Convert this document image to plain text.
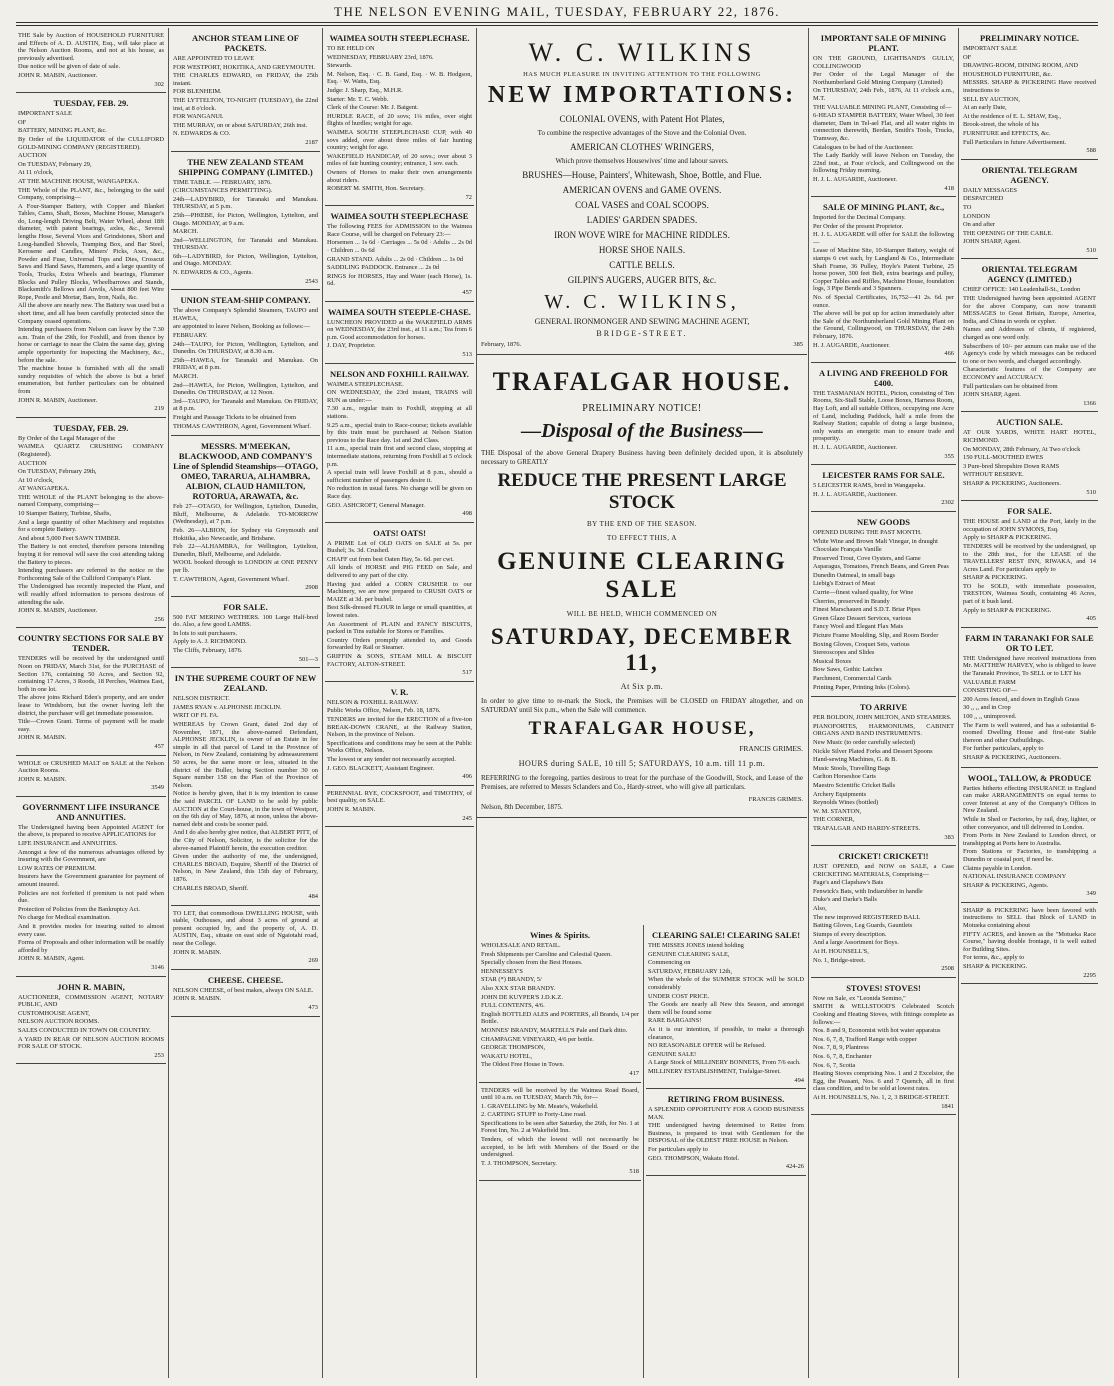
THE NELSON EVENING MAIL, TUESDAY, FEBRUARY 22, 1876.

THE Sale by Auction of HOUSEHOLD FURNITURE and Effects of A. D. AUSTIN, Esq., will take place at the Nelson Auction Rooms, and not at his house, as previously advertised.

Due notice will be given of date of sale.

JOHN R. MABIN, Auctioneer.

302
TUESDAY, FEB. 29.

IMPORTANT SALE

OF

BATTERY, MINING PLANT, &c.

By Order of the LIQUIDATOR of the CULLIFORD GOLD-MINING COMPANY (REGISTERED).

AUCTION

On TUESDAY, February 29,

At 11 o'clock,

AT THE MACHINE HOUSE, WANGAPEKA.

THE Whole of the PLANT, &c., belonging to the said Company, comprising—

A Four-Stamper Battery, with Copper and Blanket Tables, Cams, Shaft, Boxes, Machine House, Manager's do, Long-length Driving Belt, Water Wheel, about 18ft diameter, with patent bearings, axles, &c., Several lengths Hose, Several Vices and Grindstones, Short and Long-handled Shovels, Tramping Box, and Bar Steel, Kerosene and Candles, Miners' Picks, Axes, &c., Powder and Fuse, Universal Tops and Dies, Crosscut Saws and Hand Saws, Hammers, and a large quantity of Tools, Trucks, Extra Wheels and bearings, Flummer Blocks and Pulley Blocks, Wheelbarrows and Stands, Blacksmith's Bellows and Anvils, About 800 feet Wire Rope, Pestle and Mortar, Bars, Iron, Nails, &c.

All the above are nearly new. The Battery was used but a short time, and all has been carefully protected since the Company ceased operations.

Intending purchasers from Nelson can leave by the 7.30 a.m. Train of the 29th, for Foxhill, and from thence by horse or carriage to near the Claim the same day, giving ample opportunity for inspecting the Machinery, &c., before the sale.

The machine house is furnished with all the small sundry requisites of which the above is but a brief enumeration, but further particulars can be obtained from

JOHN R. MABIN, Auctioneer.

219
TUESDAY, FEB. 29.

By Order of the Legal Manager of the

WAIMEA QUARTZ CRUSHING COMPANY (Registered).

AUCTION

On TUESDAY, February 29th,

At 10 o'clock,

AT WANGAPEKA.

THE WHOLE of the PLANT belonging to the above-named Company, comprising—

10 Stamper Battery, Turbine, Shafts,

And a large quantity of other Machinery and requisites for a complete Battery.

And about 5,000 Feet SAWN TIMBER.

The Battery is not erected, therefore persons intending buying it for removal will save the cost attending taking the Battery to pieces.

Intending purchasers are referred to the notice re the Forthcoming Sale of the Culliford Company's Plant.

The Undersigned has recently inspected the Plant, and will readily afford information to persons desirous of attending the sale.

JOHN R. MABIN, Auctioneer.

256
COUNTRY SECTIONS FOR SALE BY TENDER.

TENDERS will be received by the undersigned until Noon on FRIDAY, March 31st, for the PURCHASE of Section 176, containing 50 Acres, and Section 92, containing 17 Acres, 3 Roods, 18 Perches, Waimea East, both in one lot.

The above joins Richard Eden's property, and are under lease to Windsborn, but the owner having left the district, the purchaser will get immediate possession.

Title—Crown Grant. Terms of payment will be made easy.

JOHN R. MABIN.

457

WHOLE or CRUSHED MALT on SALE at the Nelson Auction Rooms.

JOHN R. MABIN.

3549
GOVERNMENT LIFE INSURANCE AND ANNUITIES.

The Undersigned having been Appointed AGENT for the above, is prepared to receive APPLICATIONS for

LIFE INSURANCE and ANNUITIES.

Amongst a few of the numerous advantages offered by insuring with the Government, are

LOW RATES OF PREMIUM.

Insurers have the Government guarantee for payment of amount insured.

Policies are not forfeited if premium is not paid when due.

Protection of Policies from the Bankruptcy Act.

No charge for Medical examination.

And it provides modes for insuring suited to almost every case.

Forms of Proposals and other information will be readily afforded by

JOHN R. MABIN, Agent.

3146
JOHN R. MABIN,

AUCTIONEER, COMMISSION AGENT, NOTARY PUBLIC, AND

CUSTOMHOUSE AGENT,

NELSON AUCTION ROOMS.

SALES CONDUCTED IN TOWN OR COUNTRY.

A YARD IN REAR OF NELSON AUCTION ROOMS FOR SALE OF STOCK.

253
ANCHOR STEAM LINE OF PACKETS.

ARE APPOINTED TO LEAVE

FOR WESTPORT, HOKITIKA, AND GREYMOUTH.

THE CHARLES EDWARD, on FRIDAY, the 25th instant.

FOR BLENHEIM.

THE LYTTELTON, TO-NIGHT (TUESDAY), the 22nd inst, at 8 o'clock.

FOR WANGANUI.

THE MURRAY, on or about SATURDAY, 26th inst.

N. EDWARDS & CO.

2187
THE NEW ZEALAND STEAM SHIPPING COMPANY (LIMITED.)

TIME TABLE. — FEBRUARY, 1876.

(CIRCUMSTANCES PERMITTING).

24th—LADYBIRD, for Taranaki and Manukau. THURSDAY, at 5 p.m.

25th—PHŒBE, for Picton, Wellington, Lyttelton, and Otago. MONDAY, at 9 a.m.

MARCH.

2nd—WELLINGTON, for Taranaki and Manukau. THURSDAY.

6th—LADYBIRD, for Picton, Wellington, Lyttelton, and Otago. MONDAY.

N. EDWARDS & CO., Agents.

2543
UNION STEAM-SHIP COMPANY.

The above Company's Splendid Steamers, TAUPO and HAWEA,

are appointed to leave Nelson, Booking as follows:—

FEBRUARY.

24th—TAUPO, for Picton, Wellington, Lyttelton, and Dunedin. On THURSDAY, at 8.30 a.m.

25th—HAWEA, for Taranaki and Manukau. On FRIDAY, at 8 p.m.

MARCH.

2nd—HAWEA, for Picton, Wellington, Lyttelton, and Dunedin. On THURSDAY, at 12 Noon.

3rd—TAUPO, for Taranaki and Manukau. On FRIDAY, at 8 p.m.

Freight and Passage Tickets to be obtained from

THOMAS CAWTHRON, Agent, Government Wharf.

MESSRS. M'MEEKAN, BLACKWOOD, AND COMPANY'S Line of Splendid Steamships—OTAGO, OMEO, TARARUA, ALHAMBRA, ALBION, CLAUD HAMILTON, ROTORUA, ARAWATA, &c.

Feb 27—OTAGO, for Wellington, Lyttelton, Dunedin, Bluff, Melbourne, & Adelaide. TO-MORROW (Wednesday), at 7 p.m.

Feb. 26—ALBION, for Sydney via Greymouth and Hokitika, also Newcastle, and Brisbane.

Feb 22—ALHAMBRA, for Wellington, Lyttelton, Dunedin, Bluff, Melbourne, and Adelaide.

WOOL booked through to LONDON at ONE PENNY per lb.

T. CAWTHRON, Agent, Government Wharf.

2908
FOR SALE.

500 FAT MERINO WETHERS. 100 Large Half-bred do. Also, a few good LAMBS.

In lots to suit purchasers.

Apply to A. J. RICHMOND.

The Cliffs, February, 1876.

501—3
IN THE SUPREME COURT OF NEW ZEALAND.

NELSON DISTRICT.

JAMES RYAN v. ALPHONSE JECKLIN.

WRIT OF FI. FA.

WHEREAS by Crown Grant, dated 2nd day of November, 1871, the above-named Defendant, ALPHONSE JECKLIN, is owner of an Estate in fee simple in all that parcel of Land in the Province of Nelson, in New Zealand, containing by admeasurement 50 acres, be the same more or less, situated in the district of the Buller, being Section number 30 on Square number 158 on the Plan of the Province of Nelson.

Notice is hereby given, that it is my intention to cause the said PARCEL OF LAND to be sold by public AUCTION at the Court-house, in the town of Westport, on the 6th day of May, 1876, at noon, unless the above-named debt and costs be sooner paid.

And I do also hereby give notice, that ALBERT PITT, of the City of Nelson, Solicitor, is the solicitor for the above-named Plaintiff herein, the execution creditor.

Given under the authority of me, the undersigned, CHARLES BROAD, Esquire, Sheriff of the District of Nelson, in New Zealand, this 15th day of February, 1876.

CHARLES BROAD, Sheriff.

484

TO LET, that commodious DWELLING HOUSE, with stable, Outhouses, and about 3 acres of ground at present occupied by, and the property of, A. D. AUSTIN, Esq., situate on east side of Ngaiotahi road, near the College.

JOHN R. MABIN.

269
CHEESE. CHEESE.

NELSON CHEESE, of best makes, always ON SALE.

JOHN R. MABIN.

473
WAIMEA SOUTH STEEPLECHASE.

TO BE HELD ON

WEDNESDAY, FEBRUARY 23rd, 1876.

Stewards.

M. Nelson, Esq. · C. B. Gand, Esq. · W. B. Hodgson, Esq. · W. Watts, Esq.

Judge: J. Sharp, Esq., M.H.R.

Starter: Mr. T. C. Webb.

Clerk of the Course: Mr. J. Baigent.

HURDLE RACE, of 20 sovs; 1¼ miles, over eight flights of hurdles; weight for age.

WAIMEA SOUTH STEEPLECHASE CUP, with 40 sovs added, over about three miles of fair hunting country; weight for age.

WAKEFIELD HANDICAP, of 20 sovs.; over about 3 miles of fair hunting country; entrance, 1 sov. each.

Owners of Horses to make their own arrangements about riders.

ROBERT M. SMITH, Hon. Secretary.

72
WAIMEA SOUTH STEEPLECHASE

The following FEES for ADMISSION to the Waimea Race Course, will be charged on February 23:—

Horsemen ... 1s 6d · Carriages ... 5s 0d · Adults ... 2s 0d · Children ... 0s 6d

GRAND STAND. Adults ... 2s 0d · Children ... 1s 0d

SADDLING PADDOCK. Entrance ... 2s 0d

RINGS for HORSES, Hay and Water (each Horse), 1s. 6d.

457
WAIMEA SOUTH STEEPLE-CHASE.

LUNCHEON PROVIDED at the WAKEFIELD ARMS on WEDNESDAY, the 23rd inst., at 11 a.m.; Tea from 6 p.m. Good accommodation for horses.

J. DAY, Proprietor.

513
NELSON AND FOXHILL RAILWAY.

WAIMEA STEEPLECHASE.

ON WEDNESDAY, the 23rd instant, TRAINS will RUN as under:—

7.30 a.m., regular train to Foxhill, stopping at all stations.

9.25 a.m., special train to Race-course; tickets available by this train must be purchased at Nelson Station previous to the Race day. 1st and 2nd Class.

11 a.m., special train first and second class, stopping at intermediate stations, returning from Foxhill at 5 o'clock p.m.

A special train will leave Foxhill at 8 p.m., should a sufficient number of passengers desire it.

No reduction in usual fares. No change will be given on Race day.

GEO. ASHCROFT, General Manager.

498
OATS! OATS!

A PRIME Lot of OLD OATS on SALE at 5s. per Bushel; 3s. 3d. Crushed.

CHAFF cut from best Oaten Hay, 5s. 6d. per cwt.

All kinds of HORSE and PIG FEED on Sale, and delivered to any part of the city.

Having just added a CORN CRUSHER to our Machinery, we are now prepared to CRUSH OATS or MAIZE at 3d. per bushel.

Best Silk-dressed FLOUR in large or small quantities, at lowest rates.

An Assortment of PLAIN and FANCY BISCUITS, packed in Tins suitable for Stores or Families.

Country Orders promptly attended to, and Goods forwarded by Rail or Steamer.

GRIFFIN & SONS, STEAM MILL & BISCUIT FACTORY, ALTON-STREET.

517
V. R.

NELSON & FOXHILL RAILWAY.

Public Works Office, Nelson, Feb. 18, 1876.

TENDERS are invited for the ERECTION of a five-ton BREAK-DOWN CRANE, at the Railway Station, Nelson, in the province of Nelson.

Specifications and conditions may be seen at the Public Works Office, Nelson.

The lowest or any tender not necessarily accepted.

J. GEO. BLACKETT, Assistant Engineer.

496

PERENNIAL RYE, COCKSFOOT, and TIMOTHY, of best quality, on SALE.

JOHN R. MABIN.

245
W. C. WILKINS
HAS MUCH PLEASURE IN INVITING ATTENTION TO THE FOLLOWING
NEW IMPORTATIONS:
COLONIAL OVENS, with Patent Hot Plates,
To combine the respective advantages of the Stove and the Colonial Oven.
AMERICAN CLOTHES' WRINGERS,
Which prove themselves Housewives' time and labour savers.
BRUSHES—House, Painters', Whitewash, Shoe, Bottle, and Flue.
AMERICAN OVENS and GAME OVENS.
COAL VASES and COAL SCOOPS.
LADIES' GARDEN SPADES.
IRON WOVE WIRE for MACHINE RIDDLES.
HORSE SHOE NAILS.
CATTLE BELLS.
GILPIN'S AUGERS, AUGER BITS, &c.
W. C. WILKINS,
GENERAL IRONMONGER AND SEWING MACHINE AGENT,
BRIDGE-STREET.
February, 1876.	385
TRAFALGAR HOUSE.
PRELIMINARY NOTICE!
—Disposal of the Business—
THE Disposal of the above General Drapery Business having been definitely decided upon, it is absolutely necessary to GREATLY
REDUCE THE PRESENT LARGE STOCK
BY THE END OF THE SEASON.
TO EFFECT THIS, A
GENUINE CLEARING SALE
WILL BE HELD, WHICH COMMENCED ON
SATURDAY, DECEMBER 11,
At Six p.m.
In order to give time to re-mark the Stock, the Premises will be CLOSED on FRIDAY altogether, and on SATURDAY until Six p.m., when the Sale will commence.
TRAFALGAR HOUSE,
FRANCIS GRIMES.
HOURS during SALE, 10 till 5; SATURDAYS, 10 a.m. till 11 p.m.
REFERRING to the foregoing, parties desirous to treat for the purchase of the Goodwill, Stock, and Lease of the Premises, are referred to Messrs Sclanders and Co., Hardy-street, who will give all particulars.
FRANCIS GRIMES.
Nelson, 8th December, 1875.
Wines & Spirits.

WHOLESALE AND RETAIL.

Fresh Shipments per Caroline and Celestial Queen.

Specially chosen from the Best Houses.

HENNESSEY'S

STAR (*) BRANDY, 5/

Also XXX STAR BRANDY.

JOHN DE KUYPER'S J.D.K.Z.

FULL CONTENTS, 4/6.

English BOTTLED ALES and PORTERS, all Brands, 1/4 per Bottle.

MONNES' BRANDY, MARTELL'S Pale and Dark ditto.

CHAMPAGNE VINEYARD, 4/6 per bottle.

GEORGE THOMPSON,

WAKATU HOTEL,

The Oldest Free House in Town.

417

TENDERS will be received by the Waimea Road Board, until 10 a.m. on TUESDAY, March 7th, for—

1. GRAVELLING by Mr. Meate's, Wakefield.

2. CARTING STUFF to Forty-Line road.

Specifications to be seen after Saturday, the 26th, for No. 1 at Forest Inn, No. 2 at Wakefield Inn.

Tenders, of which the lowest will not necessarily be accepted, to be left with Members of the Board or the undersigned.

T. J. THOMPSON, Secretary.

518
CLEARING SALE! CLEARING SALE!

THE MISSES JONES intend holding

GENUINE CLEARING SALE,

Commencing on

SATURDAY, FEBRUARY 12th,

When the whole of the SUMMER STOCK will be SOLD considerably

UNDER COST PRICE.

The Goods are nearly all New this Season, and amongst them will be found some

RARE BARGAINS!

As it is our intention, if possible, to make a thorough clearance,

NO REASONABLE OFFER will be Refused.

GENUINE SALE!

A Large Stock of MILLINERY BONNETS, From 7/6 each.

MILLINERY ESTABLISHMENT, Trafalgar-Street.

494
RETIRING FROM BUSINESS.

A SPLENDID OPPORTUNITY FOR A GOOD BUSINESS MAN.

THE undersigned having determined to Retire from Business, is prepared to treat with Gentlemen for the DISPOSAL of the OLDEST FREE HOUSE in Nelson.

For particulars apply to

GEO. THOMPSON, Wakatu Hotel.

424-26
IMPORTANT SALE OF MINING PLANT.

ON THE GROUND, LIGHTBAND'S GULLY, COLLINGWOOD

Per Order of the Legal Manager of the Northumberland Gold Mining Company (Limited)

On THURSDAY, 24th Feb., 1876, At 11 o'clock a.m., M.T.

THE VALUABLE MINING PLANT, Consisting of—

6-HEAD STAMPER BATTERY, Water Wheel, 30 feet diameter, Dam in Tel-ael Flat, and all water rights in connection therewith, Berdan, Smith's Tools, Trucks, Tramway, &c.

Catalogues to be had of the Auctioneer.

The Lady Barkly will leave Nelson on Tuesday, the 22nd inst., at Four o'clock, and Collingwood on the following Friday morning.

H. J. L. AUGARDE, Auctioneer.

418
SALE OF MINING PLANT, &c.,

Imported for the Decimal Company.

Per Order of the present Proprietor.

H. J. L. AUGARDE will offer for SALE the following—

Lease of Machine Site, 10-Stamper Battery, weight of stamps 6 cwt each, by Langland & Co., Intermediate Shaft Frame, 36 Pulley, Hoyle's Patent Turbine, 25 horse power, 300 feet Belt, extra bearings and pulley, Copper Tables and Riffles, Machine House, foundation logs, 3 Pipe Bends and 3 Spanners.

No. of Special Certificates, 16,752—41 2s. 6d. per ounce.

The above will be put up for action immediately after the Sale of the Northumberland Gold Mining Plant on the Ground, Collingwood, on THURSDAY, the 24th February, 1876.

H. J. AUGARDE, Auctioneer.

466
A LIVING AND FREEHOLD FOR £400.

THE TASMANIAN HOTEL, Picton, consisting of Ten Rooms, Six-Stall Stable, Loose Boxes, Harness Room, Hay Loft, and all suitable Offices, occupying one Acre of Land, including Paddock, half a mile from the Railway Station; capable of doing a large business, only wants an energetic man to ensure trade and prosperity.

H. J. L. AUGARDE, Auctioneer.

355
LEICESTER RAMS FOR SALE.

5 LEICESTER RAMS, bred in Wangapeka.

H. J. L. AUGARDE, Auctioneer.

2302
NEW GOODS

OPENED DURING THE PAST MONTH.

White Wine and Brown Malt Vinegar, in draught

Chocolate Français Vanille

Preserved Trout, Cove Oysters, and Game

Asparagus, Tomatoes, French Beans, and Green Peas

Dunedin Oatmeal, in small bags

Liebig's Extract of Meat

Currie—finest valued quality, for Wine

Cherries, preserved in Brandy

Finest Marschauen and S.D.T. Briar Pipes

Green Glaze Dessert Services, various

Fancy Wool and Elegant Flax Mats

Picture Frame Moulding, Slip, and Room Border

Boxing Gloves, Croquet Sets, various

Stereoscopes and Slides

Musical Boxes

Bow Saws, Gothic Latches

Parchment, Commercial Cards

Printing Paper, Printing Inks (Colors).

TO ARRIVE

PER BOLDON, JOHN MILTON, AND STEAMERS.

PIANOFORTES, HARMONIUMS, CABINET ORGANS AND BAND INSTRUMENTS.

New Music (to order carefully selected)

Nickle Silver Plated Forks and Dessert Spoons

Hand-sewing Machines, G. & B.

Music Stools, Travelling Bags

Carlton Horseshoe Carts

Maestro Scientific Cricket Balls

Archery Equipments

Reynolds Wines (bottled)

W. M. STANTON,

THE CORNER,

TRAFALGAR AND HARDY-STREETS.

383
CRICKET! CRICKET!!

JUST OPENED, and NOW on SALE, a Case CRICKETING MATERIALS, Comprising—

Page's and Clapshaw's Bats

Fenwick's Bats, with Indiarubber in handle

Duke's and Darke's Balls

Also,

The new improved REGISTERED BALL

Batting Gloves, Leg Guards, Gauntlets

Stumps of every description.

And a large Assortment for Boys.

At H. HOUNSELL'S,

No. 1, Bridge-street.

2508
STOVES! STOVES!

Now on Sale, ex "Leonida Semino,"

SMITH & WELLSTOOD'S Celebrated Scotch Cooking and Heating Stoves, with fittings complete as follows:—

Nos. 8 and 9, Economist with hot water apparatus

Nos. 6, 7, 8, Trafford Range with copper

Nos. 7, 8, 9, Plantress

Nos. 6, 7, 8, Enchanter

Nos. 6, 7, Scotia

Heating Stoves comprising Nos. 1 and 2 Excelsior, the Egg, the Peasant, Nos. 6 and 7 Quench, all in first class condition, and to be sold at lowest rates.

At H. HOUNSELL'S, No. 1, 2, 3 BRIDGE-STREET.

1841
PRELIMINARY NOTICE.

IMPORTANT SALE

OF

DRAWING-ROOM, DINING ROOM, AND

HOUSEHOLD FURNITURE, &c.

MESSRS. SHARP & PICKERING Have received instructions to

SELL BY AUCTION,

At an early Date,

At the residence of E. L. SHAW, Esq.,

Brook-street, the whole of his

FURNITURE and EFFECTS, &c.

Full Particulars in future Advertisement.

588
ORIENTAL TELEGRAM AGENCY.

DAILY MESSAGES

DESPATCHED

TO

LONDON

On and after

THE OPENING OF THE CABLE.

JOHN SHARP, Agent.

510
ORIENTAL TELEGRAM AGENCY (LIMITED.)

CHIEF OFFICE: 140 Leadenhall-St., London

THE Undersigned having been appointed AGENT for the above Company, can now transmit MESSAGES to Great Britain, Europe, America, India, and China in words or cypher.

Names and Addresses of clients, if registered, charged as one word only.

Subscribers of 10/- per annum can make use of the Agency's code by which messages can be reduced to one or two words, and charged accordingly.

Characteristic features of the Company are ECONOMY and ACCURACY.

Full particulars can be obtained from

JOHN SHARP, Agent.

1366
AUCTION SALE.

AT OUR YARDS, WHITE HART HOTEL, RICHMOND.

On MONDAY, 28th February, At Two o'clock

150 FULL-MOUTHED EWES

3 Pure-bred Shropshire Down RAMS

WITHOUT RESERVE.

SHARP & PICKERING, Auctioneers.

510
FOR SALE.

THE HOUSE and LAND at the Port, lately in the occupation of JOHN SYMONS, Esq.

Apply to SHARP & PICKERING.

TENDERS will be received by the undersigned, up to the 28th inst., for the LEASE of the TRAVELLERS' REST INN, RIWAKA, and 14 Acres Land. For particulars apply to

SHARP & PICKERING.

TO be SOLD, with immediate possession, TRESTON, Waimea South, containing 46 Acres, part of it bush land.

Apply to SHARP & PICKERING.

405
FARM IN TARANAKI FOR SALE OR TO LET.

THE Undersigned have received instructions from Mr. MATTHEW HARVEY, who is obliged to leave the Taranaki Province, To SELL or to LET his

VALUABLE FARM

CONSISTING OF—

200 Acres fenced, and down in English Grass

30 ,, ,, and in Crop

100 ,, ,, unimproved.

The Farm is well watered, and has a substantial 8-roomed Dwelling House and first-rate Stable thereon and other Outbuildings.

For further particulars, apply to

SHARP & PICKERING, Auctioneers.

WOOL, TALLOW, & PRODUCE

Parties hitherto effecting INSURANCE in England can make ARRANGEMENTS on equal terms to cover Interest at any of the Company's Offices in New Zealand.

While in Shed or Factories, by rail, dray, lighter, or other conveyance, and till delivered in London.

From Ports in New Zealand to London direct, or transhipping at Ports here to Australia.

From Stations or Factories, to transhipping a Dunedin or coastal port, if need be.

Claims payable in London.

NATIONAL INSURANCE COMPANY

SHARP & PICKERING, Agents.

349

SHARP & PICKERING have been favored with instructions to SELL that Block of LAND in Motueka containing about

FIFTY ACRES, and known as the "Motueka Race Course," having double frontage, it is well suited for Building Sites.

For terms, &c., apply to

SHARP & PICKERING.

2295
